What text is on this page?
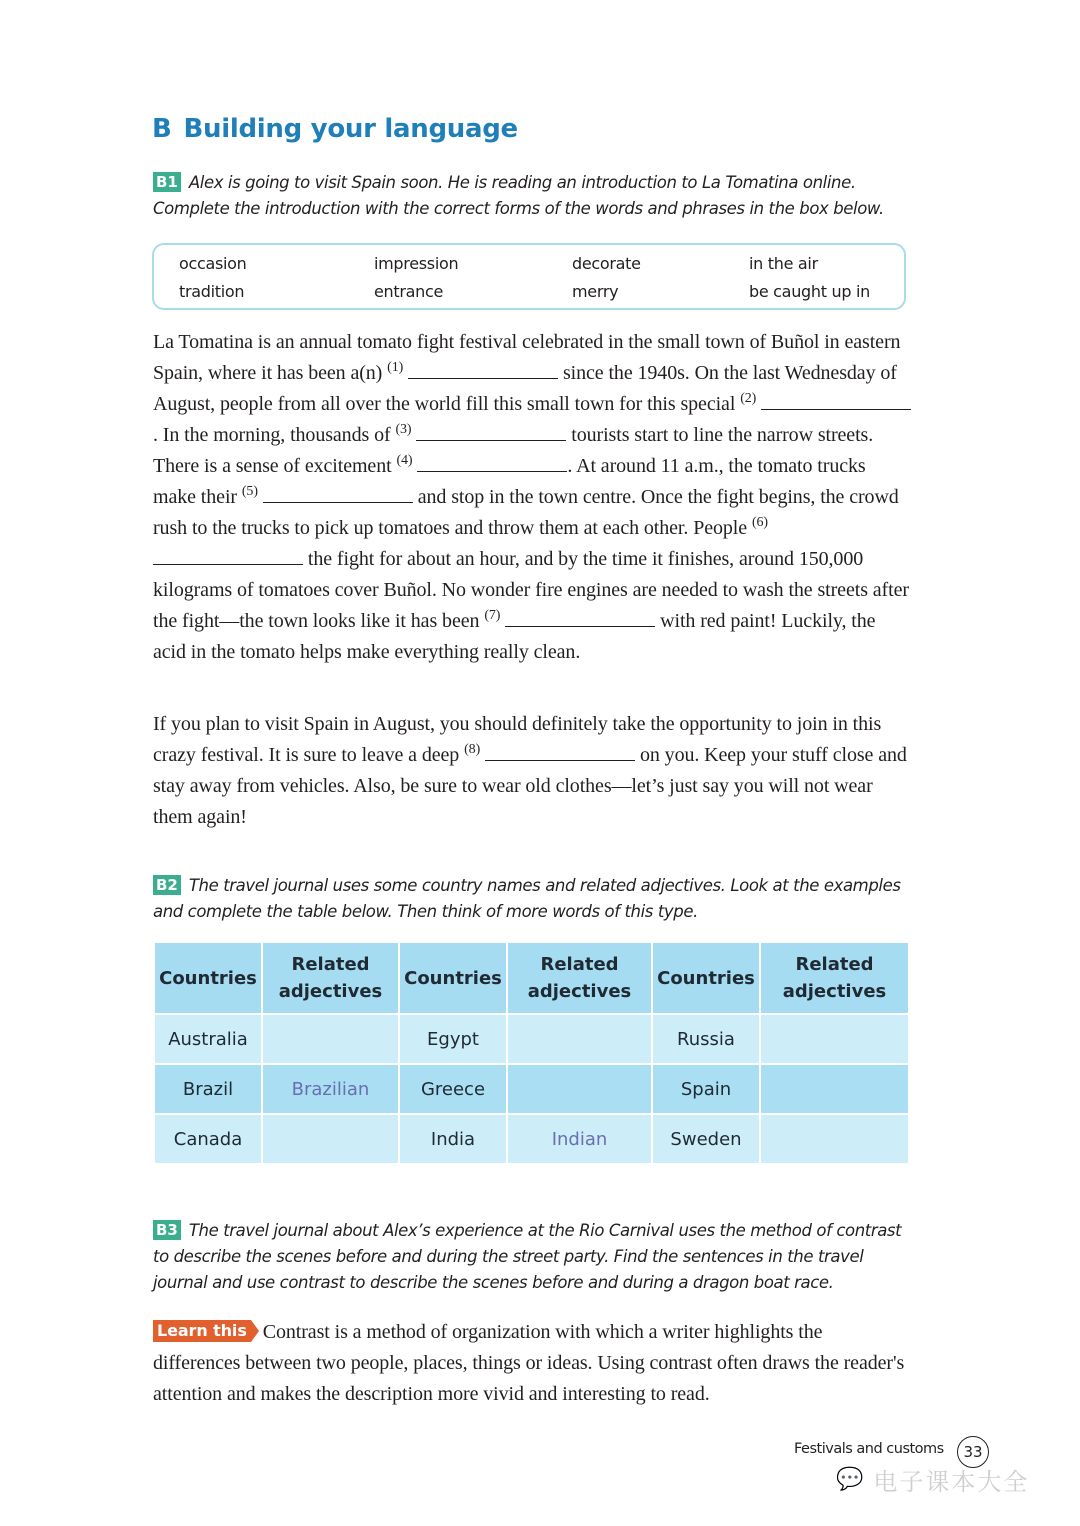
B Building your language

B1 Alex is going to visit Spain soon. He is reading an introduction to La Tomatina online. Complete the introduction with the correct forms of the words and phrases in the box below.

occasion	impression	decorate	in the air
tradition	entrance	merry	be caught up in

La Tomatina is an annual tomato fight festival celebrated in the small town of Buñol in eastern Spain, where it has been a(n) $^{(1)}$	since the 1940s. On the last Wednesday of August, people from all over the world fill this small town for this special $^{(2)}$ . In the morning, thousands of $^{(3)}$	tourists start to line the narrow streets. There is a sense of excitement $^{(4)}$	. At around 11 a.m., the tomato trucks make their $^{(5)}$	and stop in the town centre. Once the fight begins, the crowd rush to the trucks to pick up tomatoes and throw them at each other. People $^{(6)}$  the fight for about an hour, and by the time it finishes, around 150,000 kilograms of tomatoes cover Buñol. No wonder fire engines are needed to wash the streets after the fight—the town looks like it has been $^{(7)}$	with red paint! Luckily, the acid in the tomato helps make everything really clean.

If you plan to visit Spain in August, you should definitely take the opportunity to join in this crazy festival. It is sure to leave a deep $^{(8)}$	on you. Keep your stuff close and stay away from vehicles. Also, be sure to wear old clothes—let’s just say you will not wear them again!

B2 The travel journal uses some country names and related adjectives. Look at the examples and complete the table below. Then think of more words of this type.

Countries	Related adjectives	Countries	Related adjectives	Countries	Related adjectives
Australia		Egypt		Russia	
Brazil	Brazilian	Greece		Spain	
Canada		India	Indian	Sweden	

B3 The travel journal about Alex’s experience at the Rio Carnival uses the method of contrast to describe the scenes before and during the street party. Find the sentences in the travel journal and use contrast to describe the scenes before and during a dragon boat race.

Learn this Contrast is a method of organization with which a writer highlights the differences between two people, places, things or ideas. Using contrast often draws the reader's attention and makes the description more vivid and interesting to read.

Festivals and customs	33
💬 电子课本大全
